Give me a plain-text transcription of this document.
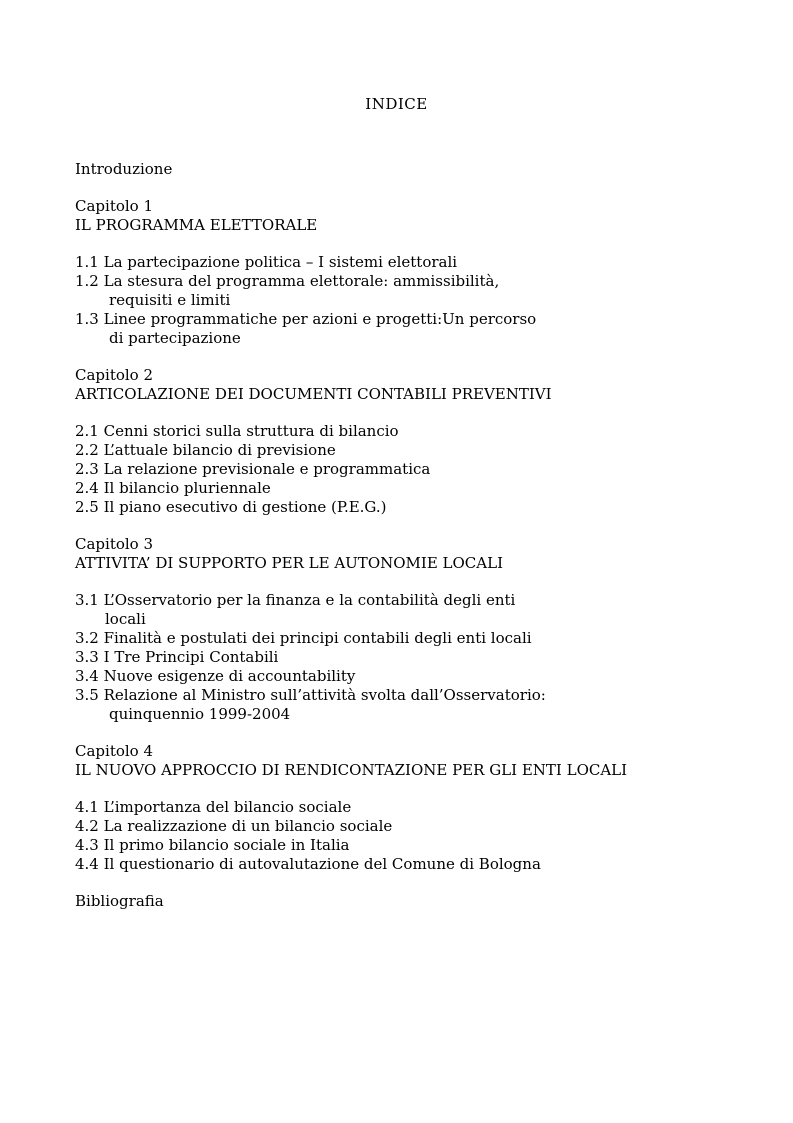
INDICE
Introduzione
Capitolo 1
IL PROGRAMMA ELETTORALE
1.1 La partecipazione politica – I sistemi elettorali
1.2 La stesura del programma elettorale: ammissibilità,
requisiti e limiti
1.3 Linee programmatiche per azioni e progetti:Un percorso
di partecipazione
Capitolo 2
ARTICOLAZIONE DEI DOCUMENTI CONTABILI PREVENTIVI
2.1 Cenni storici sulla struttura di bilancio
2.2 L’attuale bilancio di previsione
2.3 La relazione previsionale e programmatica
2.4 Il bilancio pluriennale
2.5 Il piano esecutivo di gestione (P.E.G.)
Capitolo 3
ATTIVITA’ DI SUPPORTO PER LE AUTONOMIE LOCALI
3.1 L’Osservatorio per la finanza e la contabilità degli enti
locali
3.2 Finalità e postulati dei principi contabili degli enti locali
3.3 I Tre Principi Contabili
3.4 Nuove esigenze di accountability
3.5 Relazione al Ministro sull’attività svolta dall’Osservatorio:
quinquennio 1999-2004
Capitolo 4
IL NUOVO APPROCCIO DI RENDICONTAZIONE PER GLI ENTI LOCALI
4.1 L’importanza del bilancio sociale
4.2 La realizzazione di un bilancio sociale
4.3 Il primo bilancio sociale in Italia
4.4 Il questionario di autovalutazione del Comune di Bologna
Bibliografia
